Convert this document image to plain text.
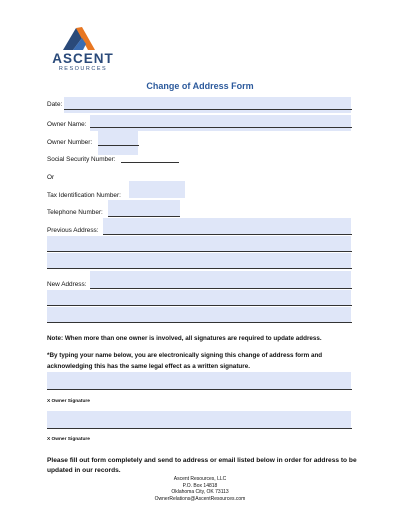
ASCENT
RESOURCES
Change of Address Form
Date:
Owner Name:
Owner Number:
Social Security Number:
Or
Tax Identification Number:
Telephone Number:
Previous Address:
New Address:
Note: When more than one owner is involved, all signatures are required to update address.
*By typing your name below, you are electronically signing this change of address form and acknowledging this has the same legal effect as a written signature.
X Owner Signature
X Owner Signature
Please fill out form completely and send to address or email listed below in order for address to be updated in our records.
Ascent Resources, LLC
P.O. Box 14818
Oklahoma City, OK 73113
OwnerRelations@AscentResources.com
